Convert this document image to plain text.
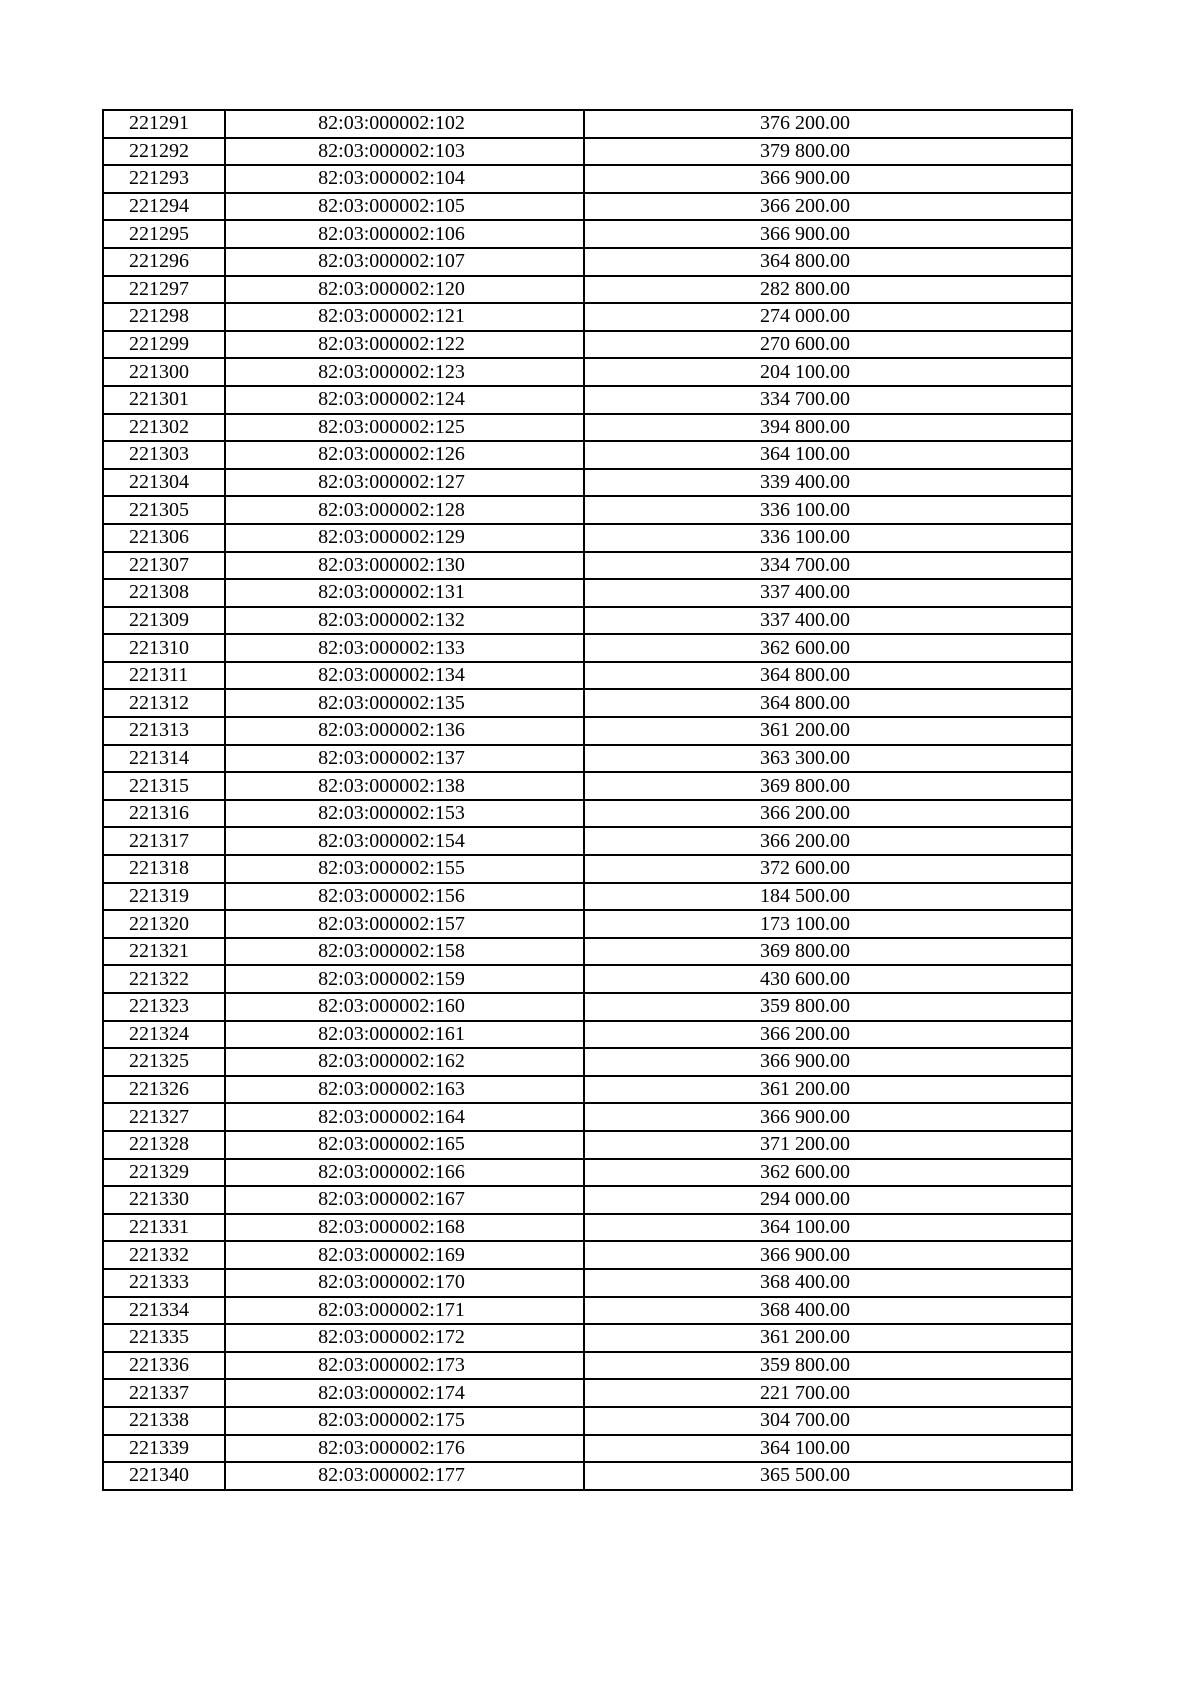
221291	82:03:000002:102	376 200.00
221292	82:03:000002:103	379 800.00
221293	82:03:000002:104	366 900.00
221294	82:03:000002:105	366 200.00
221295	82:03:000002:106	366 900.00
221296	82:03:000002:107	364 800.00
221297	82:03:000002:120	282 800.00
221298	82:03:000002:121	274 000.00
221299	82:03:000002:122	270 600.00
221300	82:03:000002:123	204 100.00
221301	82:03:000002:124	334 700.00
221302	82:03:000002:125	394 800.00
221303	82:03:000002:126	364 100.00
221304	82:03:000002:127	339 400.00
221305	82:03:000002:128	336 100.00
221306	82:03:000002:129	336 100.00
221307	82:03:000002:130	334 700.00
221308	82:03:000002:131	337 400.00
221309	82:03:000002:132	337 400.00
221310	82:03:000002:133	362 600.00
221311	82:03:000002:134	364 800.00
221312	82:03:000002:135	364 800.00
221313	82:03:000002:136	361 200.00
221314	82:03:000002:137	363 300.00
221315	82:03:000002:138	369 800.00
221316	82:03:000002:153	366 200.00
221317	82:03:000002:154	366 200.00
221318	82:03:000002:155	372 600.00
221319	82:03:000002:156	184 500.00
221320	82:03:000002:157	173 100.00
221321	82:03:000002:158	369 800.00
221322	82:03:000002:159	430 600.00
221323	82:03:000002:160	359 800.00
221324	82:03:000002:161	366 200.00
221325	82:03:000002:162	366 900.00
221326	82:03:000002:163	361 200.00
221327	82:03:000002:164	366 900.00
221328	82:03:000002:165	371 200.00
221329	82:03:000002:166	362 600.00
221330	82:03:000002:167	294 000.00
221331	82:03:000002:168	364 100.00
221332	82:03:000002:169	366 900.00
221333	82:03:000002:170	368 400.00
221334	82:03:000002:171	368 400.00
221335	82:03:000002:172	361 200.00
221336	82:03:000002:173	359 800.00
221337	82:03:000002:174	221 700.00
221338	82:03:000002:175	304 700.00
221339	82:03:000002:176	364 100.00
221340	82:03:000002:177	365 500.00
